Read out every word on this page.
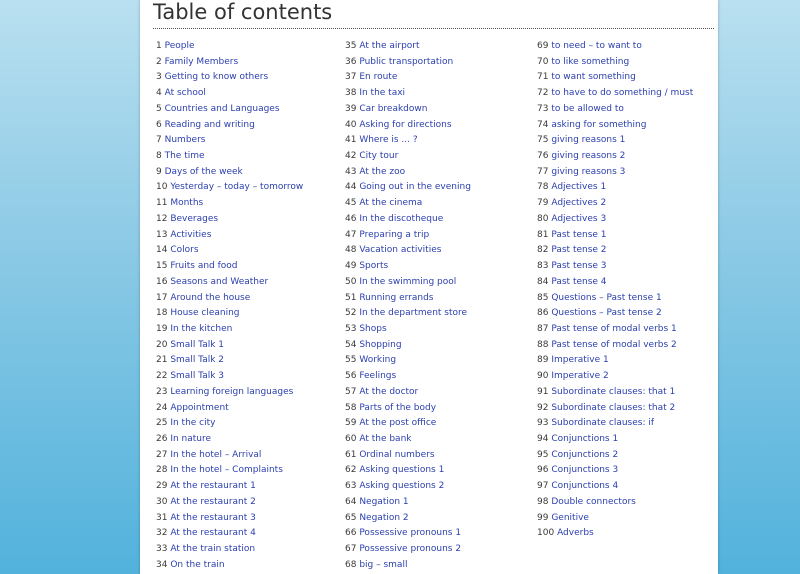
Table of contents
1 People
2 Family Members
3 Getting to know others
4 At school
5 Countries and Languages
6 Reading and writing
7 Numbers
8 The time
9 Days of the week
10 Yesterday – today – tomorrow
11 Months
12 Beverages
13 Activities
14 Colors
15 Fruits and food
16 Seasons and Weather
17 Around the house
18 House cleaning
19 In the kitchen
20 Small Talk 1
21 Small Talk 2
22 Small Talk 3
23 Learning foreign languages
24 Appointment
25 In the city
26 In nature
27 In the hotel – Arrival
28 In the hotel – Complaints
29 At the restaurant 1
30 At the restaurant 2
31 At the restaurant 3
32 At the restaurant 4
33 At the train station
34 On the train
35 At the airport
36 Public transportation
37 En route
38 In the taxi
39 Car breakdown
40 Asking for directions
41 Where is ... ?
42 City tour
43 At the zoo
44 Going out in the evening
45 At the cinema
46 In the discotheque
47 Preparing a trip
48 Vacation activities
49 Sports
50 In the swimming pool
51 Running errands
52 In the department store
53 Shops
54 Shopping
55 Working
56 Feelings
57 At the doctor
58 Parts of the body
59 At the post office
60 At the bank
61 Ordinal numbers
62 Asking questions 1
63 Asking questions 2
64 Negation 1
65 Negation 2
66 Possessive pronouns 1
67 Possessive pronouns 2
68 big – small
69 to need – to want to
70 to like something
71 to want something
72 to have to do something / must
73 to be allowed to
74 asking for something
75 giving reasons 1
76 giving reasons 2
77 giving reasons 3
78 Adjectives 1
79 Adjectives 2
80 Adjectives 3
81 Past tense 1
82 Past tense 2
83 Past tense 3
84 Past tense 4
85 Questions – Past tense 1
86 Questions – Past tense 2
87 Past tense of modal verbs 1
88 Past tense of modal verbs 2
89 Imperative 1
90 Imperative 2
91 Subordinate clauses: that 1
92 Subordinate clauses: that 2
93 Subordinate clauses: if
94 Conjunctions 1
95 Conjunctions 2
96 Conjunctions 3
97 Conjunctions 4
98 Double connectors
99 Genitive
100 Adverbs
